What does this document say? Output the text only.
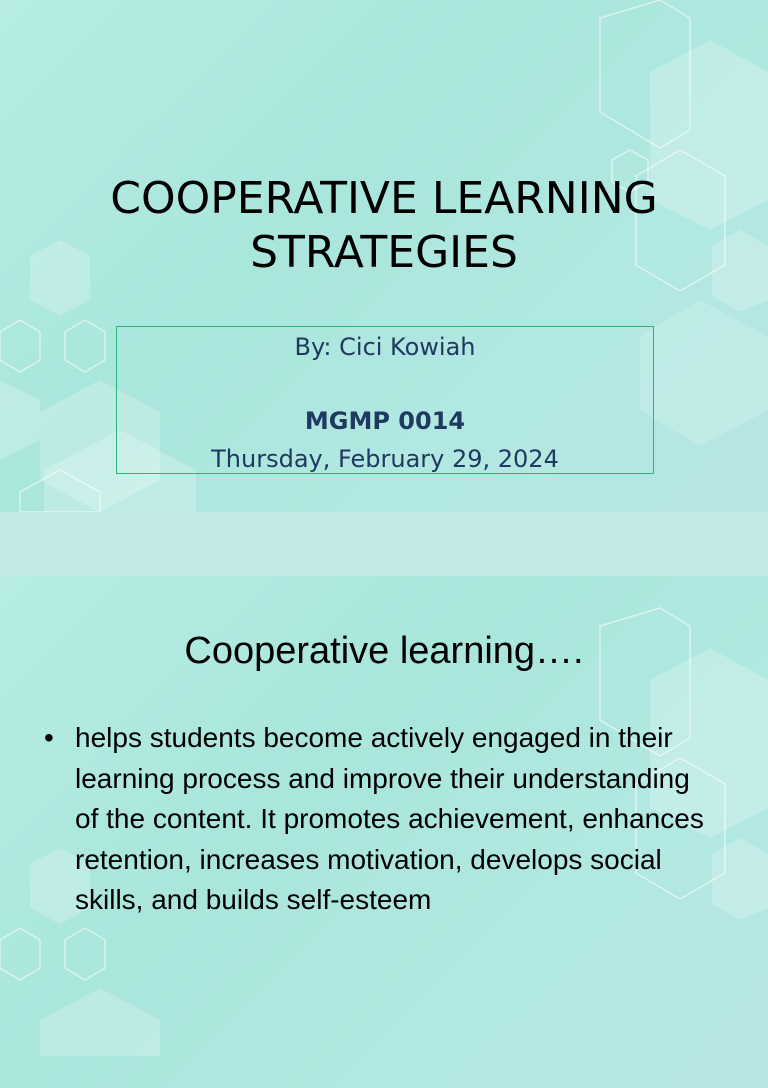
COOPERATIVE LEARNING
STRATEGIES
By: Cici Kowiah
MGMP 0014
Thursday, February 29, 2024
Cooperative learning….
• helps students become actively engaged in their learning process and improve their understanding of the content. It promotes achievement, enhances retention, increases motivation, develops social skills, and builds self-esteem
